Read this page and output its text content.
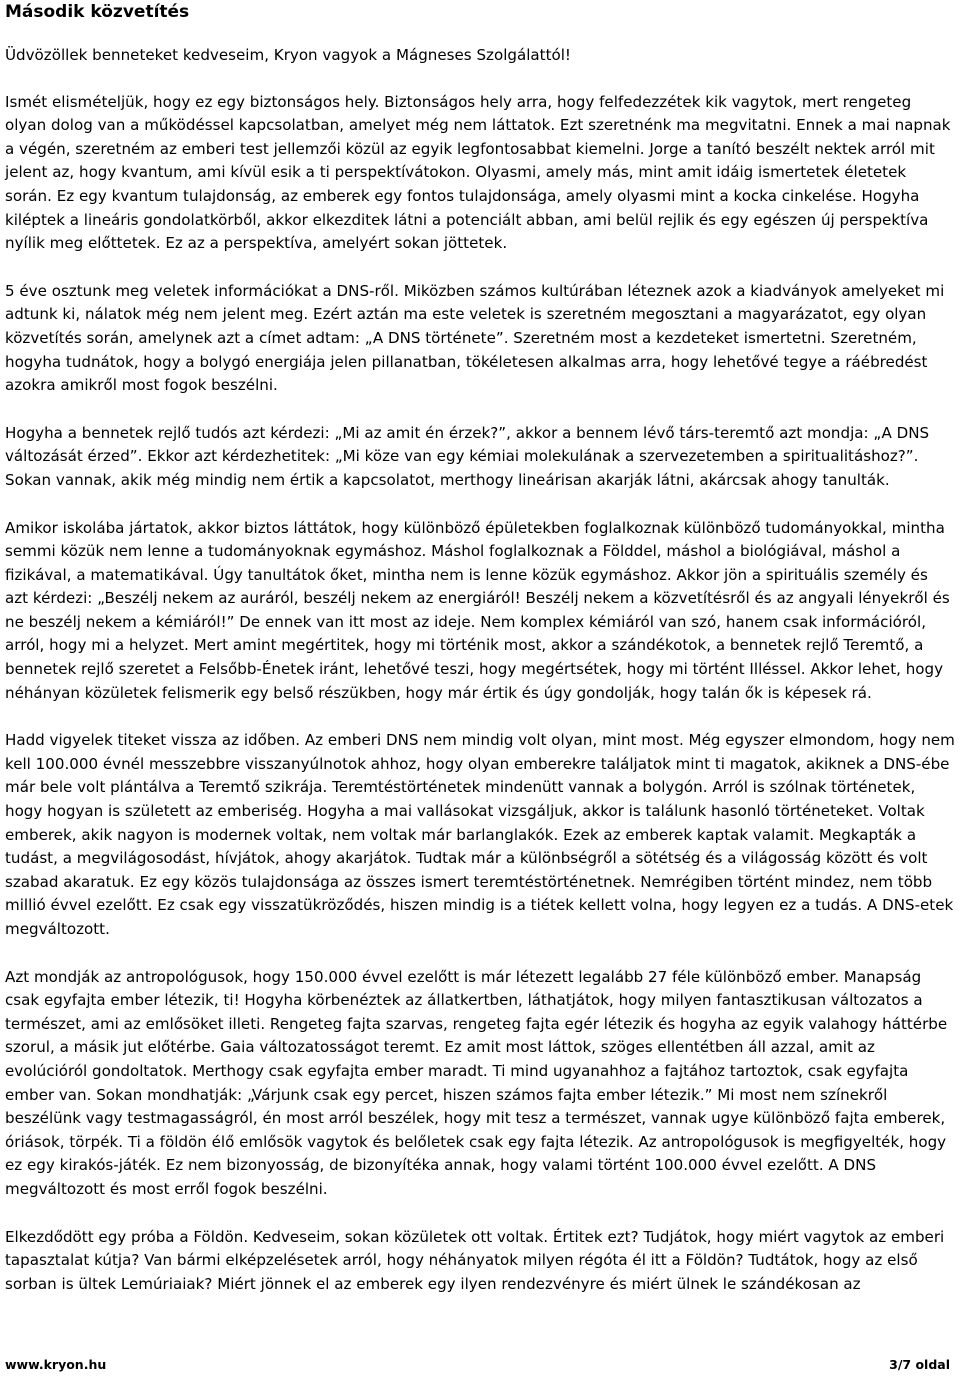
Második közvetítés

Üdvözöllek benneteket kedveseim, Kryon vagyok a Mágneses Szolgálattól!

Ismét elismételjük, hogy ez egy biztonságos hely. Biztonságos hely arra, hogy felfedezzétek kik vagytok, mert rengeteg olyan dolog van a működéssel kapcsolatban, amelyet még nem láttatok. Ezt szeretnénk ma megvitatni. Ennek a mai napnak a végén, szeretném az emberi test jellemzői közül az egyik legfontosabbat kiemelni. Jorge a tanító beszélt nektek arról mit jelent az, hogy kvantum, ami kívül esik a ti perspektívátokon. Olyasmi, amely más, mint amit idáig ismertetek életetek során. Ez egy kvantum tulajdonság, az emberek egy fontos tulajdonsága, amely olyasmi mint a kocka cinkelése. Hogyha kiléptek a lineáris gondolatkörből, akkor elkezditek látni a potenciált abban, ami belül rejlik és egy egészen új perspektíva nyílik meg előttetek. Ez az a perspektíva, amelyért sokan jöttetek.

5 éve osztunk meg veletek információkat a DNS-ről. Miközben számos kultúrában léteznek azok a kiadványok amelyeket mi adtunk ki, nálatok még nem jelent meg. Ezért aztán ma este veletek is szeretném megosztani a magyarázatot, egy olyan közvetítés során, amelynek azt a címet adtam: „A DNS története”. Szeretném most a kezdeteket ismertetni. Szeretném, hogyha tudnátok, hogy a bolygó energiája jelen pillanatban, tökéletesen alkalmas arra, hogy lehetővé tegye a ráébredést azokra amikről most fogok beszélni.

Hogyha a bennetek rejlő tudós azt kérdezi: „Mi az amit én érzek?”, akkor a bennem lévő társ-teremtő azt mondja: „A DNS változását érzed”. Ekkor azt kérdezhetitek: „Mi köze van egy kémiai molekulának a szervezetemben a spiritualitáshoz?”. Sokan vannak, akik még mindig nem értik a kapcsolatot, merthogy lineárisan akarják látni, akárcsak ahogy tanulták.

Amikor iskolába jártatok, akkor biztos láttátok, hogy különböző épületekben foglalkoznak különböző tudományokkal, mintha semmi közük nem lenne a tudományoknak egymáshoz. Máshol foglalkoznak a Földdel, máshol a biológiával, máshol a fizikával, a matematikával. Úgy tanultátok őket, mintha nem is lenne közük egymáshoz. Akkor jön a spirituális személy és azt kérdezi: „Beszélj nekem az auráról, beszélj nekem az energiáról! Beszélj nekem a közvetítésről és az angyali lényekről és ne beszélj nekem a kémiáról!” De ennek van itt most az ideje. Nem komplex kémiáról van szó, hanem csak információról, arról, hogy mi a helyzet. Mert amint megértitek, hogy mi történik most, akkor a szándékotok, a bennetek rejlő Teremtő, a bennetek rejlő szeretet a Felsőbb-Énetek iránt, lehetővé teszi, hogy megértsétek, hogy mi történt Illéssel. Akkor lehet, hogy néhányan közületek felismerik egy belső részükben, hogy már értik és úgy gondolják, hogy talán ők is képesek rá.

Hadd vigyelek titeket vissza az időben. Az emberi DNS nem mindig volt olyan, mint most. Még egyszer elmondom, hogy nem kell 100.000 évnél messzebbre visszanyúlnotok ahhoz, hogy olyan emberekre találjatok mint ti magatok, akiknek a DNS-ébe már bele volt plántálva a Teremtő szikrája. Teremtéstörténetek mindenütt vannak a bolygón. Arról is szólnak történetek, hogy hogyan is született az emberiség. Hogyha a mai vallásokat vizsgáljuk, akkor is találunk hasonló történeteket. Voltak emberek, akik nagyon is modernek voltak, nem voltak már barlanglakók. Ezek az emberek kaptak valamit. Megkapták a tudást, a megvilágosodást, hívjátok, ahogy akarjátok. Tudtak már a különbségről a sötétség és a világosság között és volt szabad akaratuk. Ez egy közös tulajdonsága az összes ismert teremtéstörténetnek. Nemrégiben történt mindez, nem több millió évvel ezelőtt. Ez csak egy visszatükröződés, hiszen mindig is a tiétek kellett volna, hogy legyen ez a tudás. A DNS-etek megváltozott.

Azt mondják az antropológusok, hogy 150.000 évvel ezelőtt is már létezett legalább 27 féle különböző ember. Manapság csak egyfajta ember létezik, ti! Hogyha körbenéztek az állatkertben, láthatjátok, hogy milyen fantasztikusan változatos a természet, ami az emlősöket illeti. Rengeteg fajta szarvas, rengeteg fajta egér létezik és hogyha az egyik valahogy háttérbe szorul, a másik jut előtérbe. Gaia változatosságot teremt. Ez amit most láttok, szöges ellentétben áll azzal, amit az evolúcióról gondoltatok. Merthogy csak egyfajta ember maradt. Ti mind ugyanahhoz a fajtához tartoztok, csak egyfajta ember van. Sokan mondhatják: „Várjunk csak egy percet, hiszen számos fajta ember létezik.” Mi most nem színekről beszélünk vagy testmagasságról, én most arról beszélek, hogy mit tesz a természet, vannak ugye különböző fajta emberek, óriások, törpék. Ti a földön élő emlősök vagytok és belőletek csak egy fajta létezik. Az antropológusok is megfigyelték, hogy ez egy kirakós-játék. Ez nem bizonyosság, de bizonyítéka annak, hogy valami történt 100.000 évvel ezelőtt. A DNS megváltozott és most erről fogok beszélni.

Elkezdődött egy próba a Földön. Kedveseim, sokan közületek ott voltak. Értitek ezt? Tudjátok, hogy miért vagytok az emberi tapasztalat kútja? Van bármi elképzelésetek arról, hogy néhányatok milyen régóta él itt a Földön? Tudtátok, hogy az első sorban is ültek Lemúriaiak? Miért jönnek el az emberek egy ilyen rendezvényre és miért ülnek le szándékosan az

www.kryon.hu	3/7 oldal
